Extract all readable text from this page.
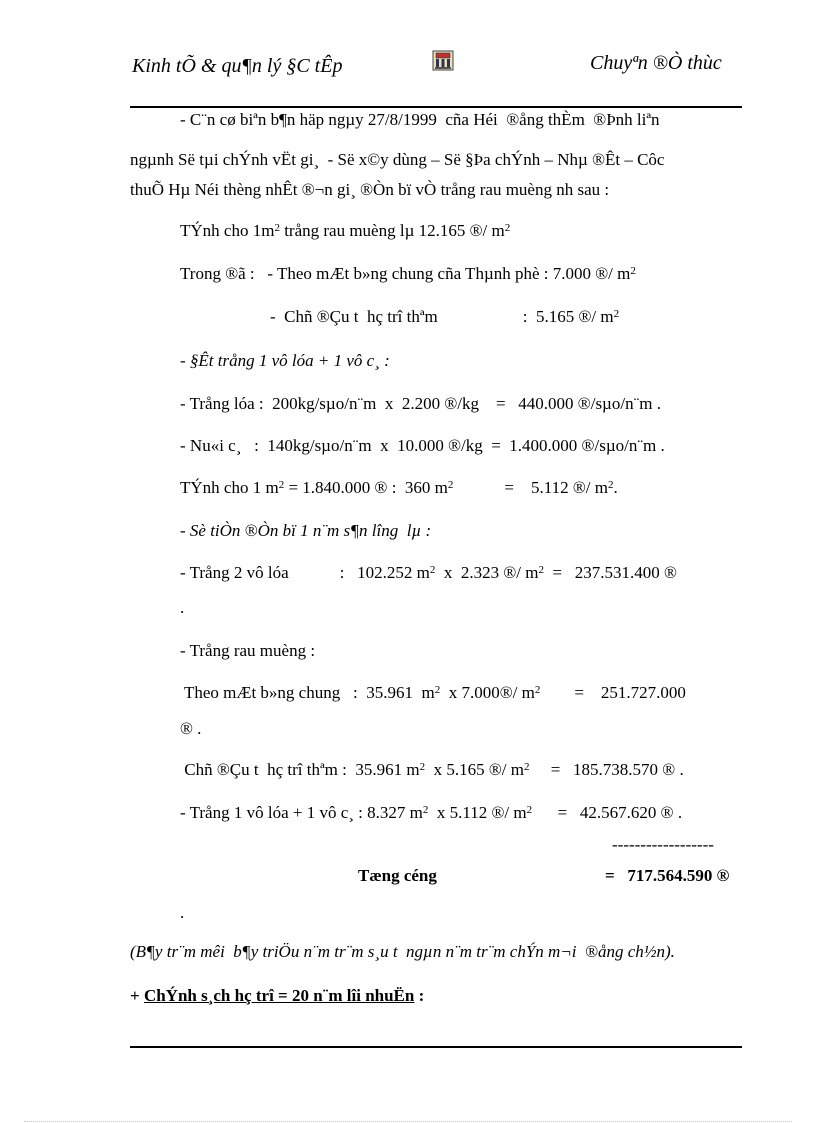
Kinh tÕ & qu¶n lý §C tÊp	Chuyªn ®Ò thùc
- C¨n cø biªn b¶n häp ngµy 27/8/1999  cña Héi  ®ång thÈm  ®Þnh liªn
ngµnh Së tµi chÝnh vËt gi¸  - Së x©y dùng – Së §Þa chÝnh – Nhµ ®Êt – Côc
thuÕ Hµ Néi thèng nhÊt ®¬n gi¸ ®Òn bï vÒ trång rau muèng nh sau :
TÝnh cho $1m^2$ trång rau muèng lµ 12.165 ®/ $m^2$
Trong ®ã :   - Theo mÆt b»ng chung cña Thµnh phè : 7.000 ®/ $m^2$
-  Chñ ®Çu t  hç trî thªm                    :  5.165 ®/ $m^2$
- §Êt trång 1 vô lóa + 1 vô c¸ :
- Trång lóa :  200kg/sµo/n¨m  x  2.200 ®/kg    =   440.000 ®/sµo/n¨m .
- Nu«i c¸   :  140kg/sµo/n¨m  x  10.000 ®/kg  =  1.400.000 ®/sµo/n¨m .
TÝnh cho 1 $m^2 = 1.840.000$ ® :  360 $m^2$            =    5.112 ®/ $m^2$.
- Sè tiÒn ®Òn bï 1 n¨m s¶n lîng  lµ :
- Trång 2 vô lóa            :   102.252 $m^2$  x  2.323 ®/ $m^2 = 237.531.400$ ®
.
- Trång rau muèng :
Theo mÆt b»ng chung   :  35.961  $m^2$  x 7.000®/ $m^2$        =    251.727.000
® .
Chñ ®Çu t  hç trî thªm :  35.961 $m^2$  x 5.165 ®/ $m^2$     =   185.738.570 ® .
- Trång 1 vô lóa + 1 vô c¸ : 8.327 $m^2$  x 5.112 ®/ $m^2$      =   42.567.620 ® .
------------------
Tæng céng	=   717.564.590 ®
.
(B¶y tr¨m mêi  b¶y triÖu n¨m tr¨m s¸u t  ngµn n¨m tr¨m chÝn m¬i  ®ång ch½n).
+ ChÝnh s¸ch hç trî = 20 n¨m lîi nhuËn :
